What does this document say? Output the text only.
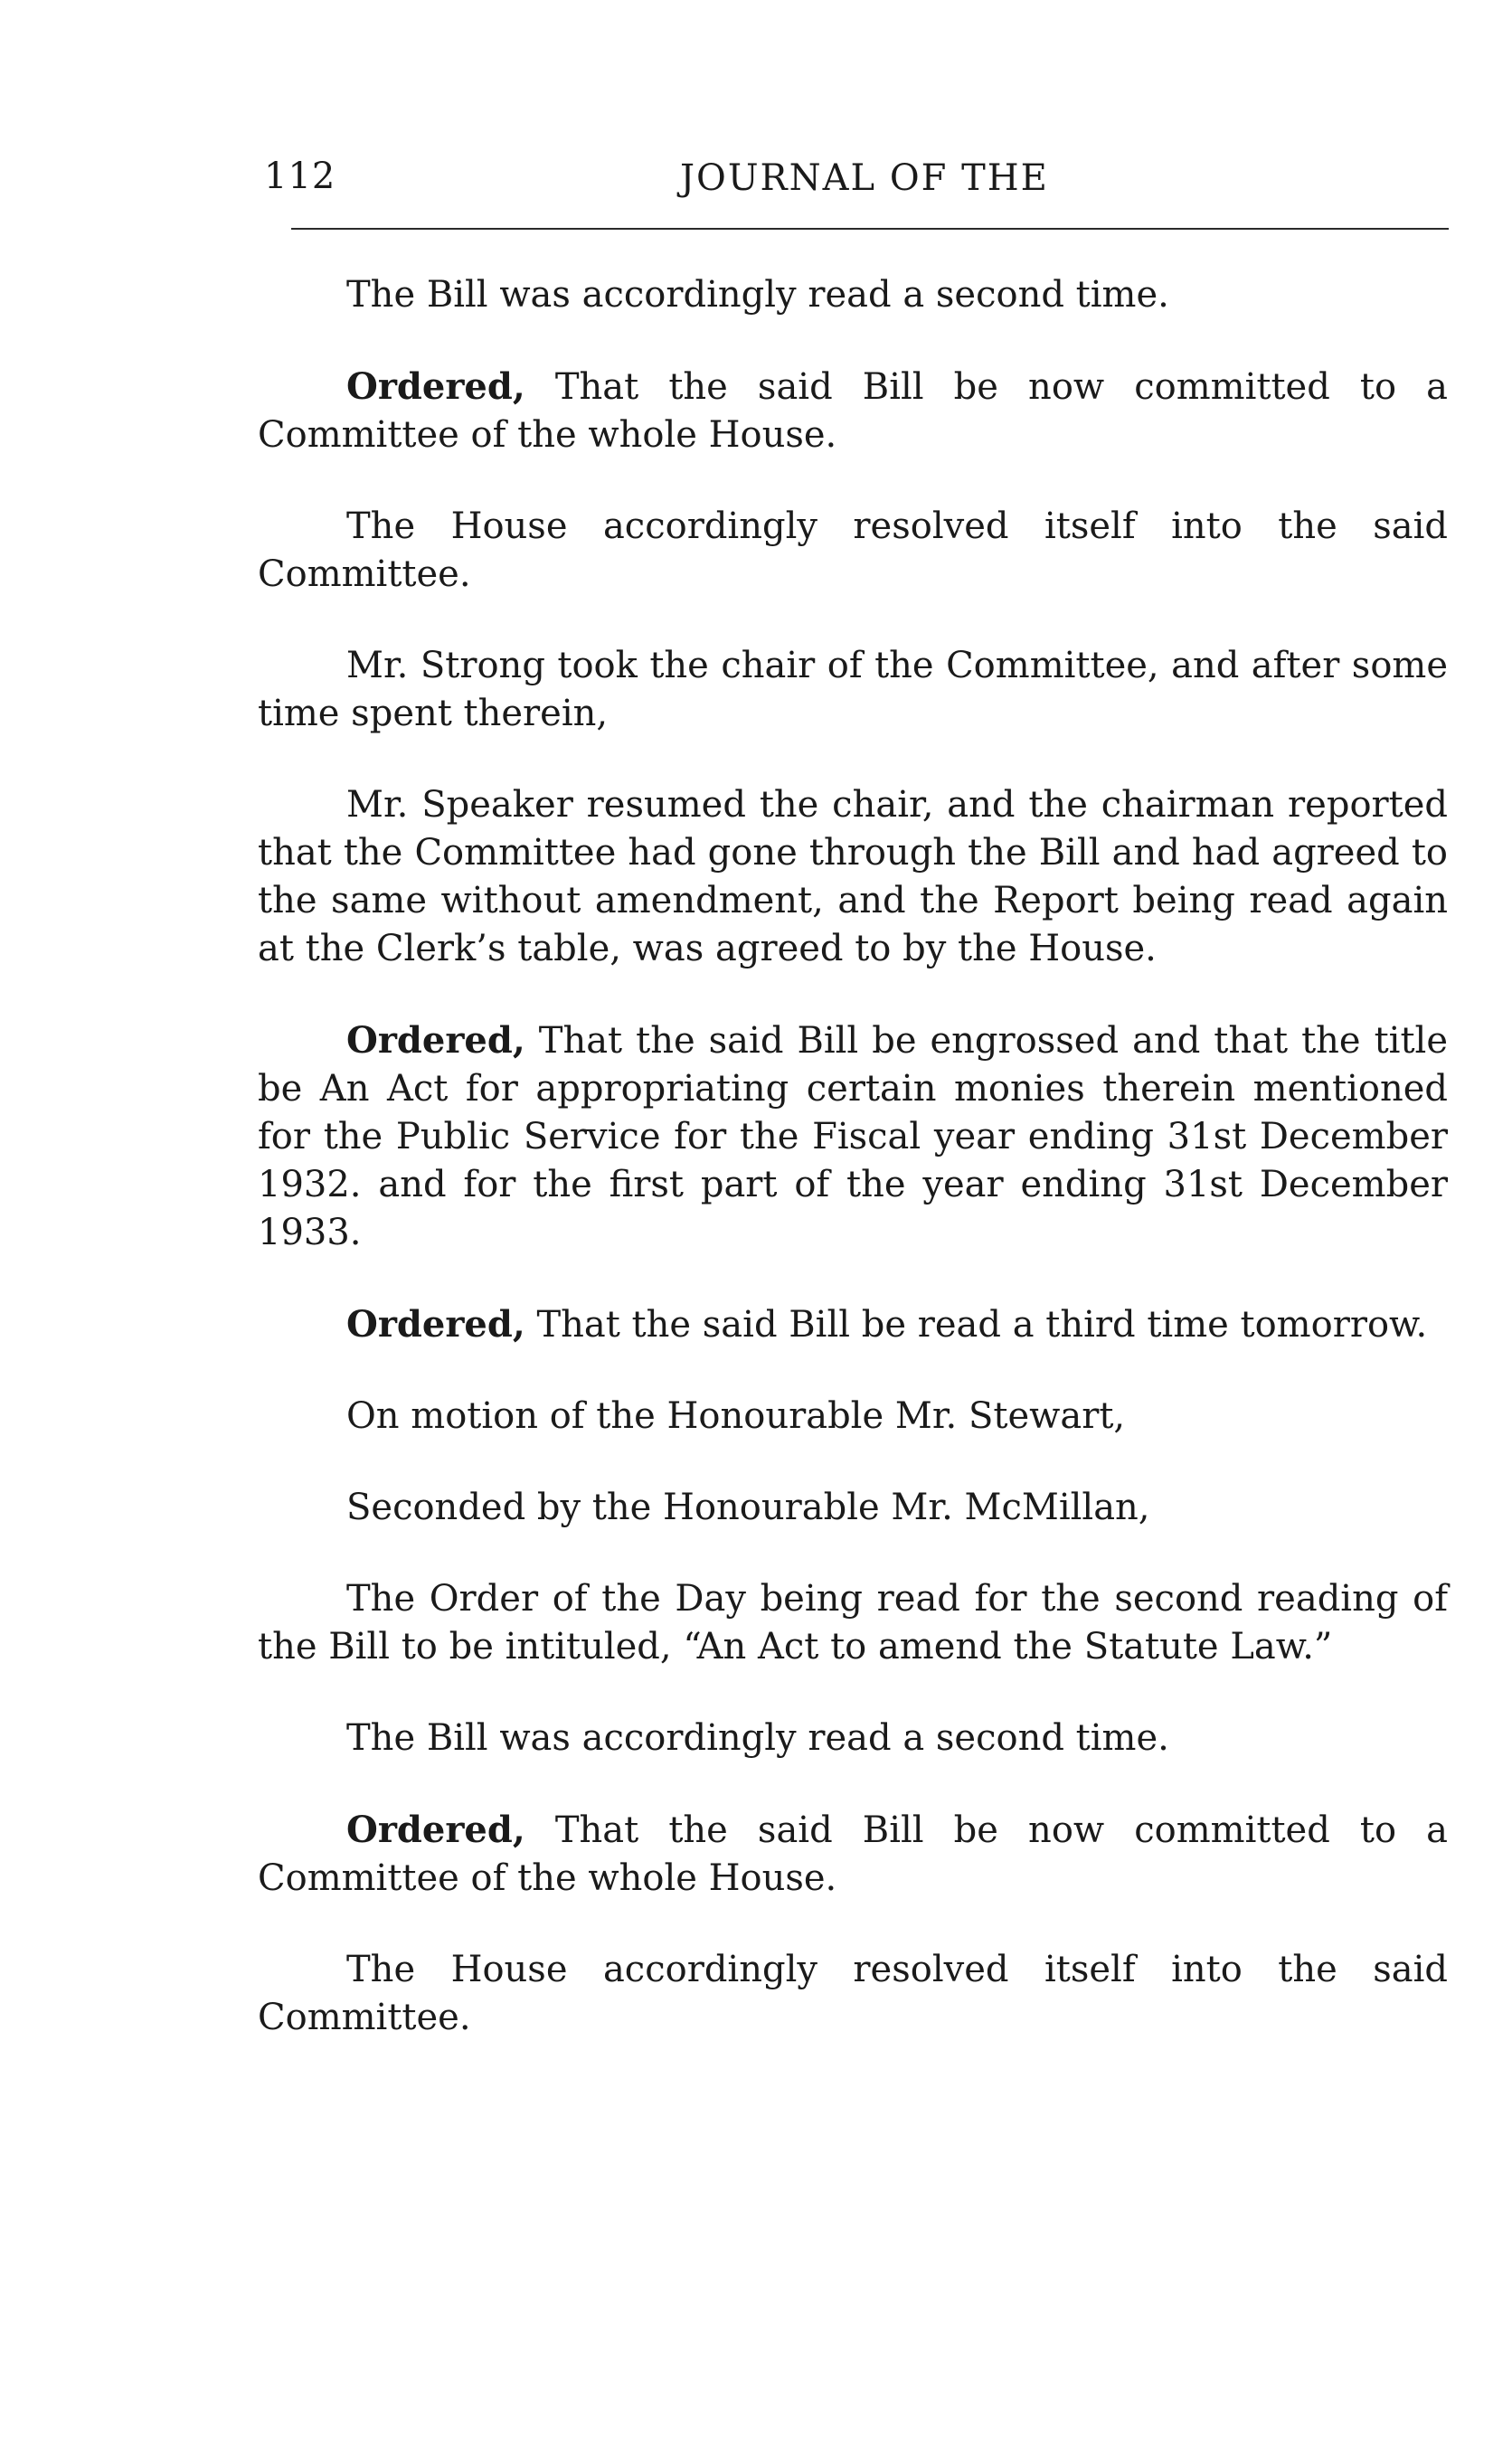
112	JOURNAL OF THE

The Bill was accordingly read a second time.

Ordered, That the said Bill be now committed to a Committee of the whole House.

The House accordingly resolved itself into the said Committee.

Mr. Strong took the chair of the Committee, and after some time spent therein,

Mr. Speaker resumed the chair, and the chairman reported that the Committee had gone through the Bill and had agreed to the same without amendment, and the Report being read again at the Clerk’s table, was agreed to by the House.

Ordered, That the said Bill be engrossed and that the title be An Act for appropriating certain monies therein mentioned for the Public Service for the Fiscal year ending 31st December 1932. and for the first part of the year ending 31st December 1933.

Ordered, That the said Bill be read a third time tomorrow.

On motion of the Honourable Mr. Stewart,

Seconded by the Honourable Mr. McMillan,

The Order of the Day being read for the second reading of the Bill to be intituled, “An Act to amend the Statute Law.”

The Bill was accordingly read a second time.

Ordered, That the said Bill be now committed to a Committee of the whole House.

The House accordingly resolved itself into the said Committee.
